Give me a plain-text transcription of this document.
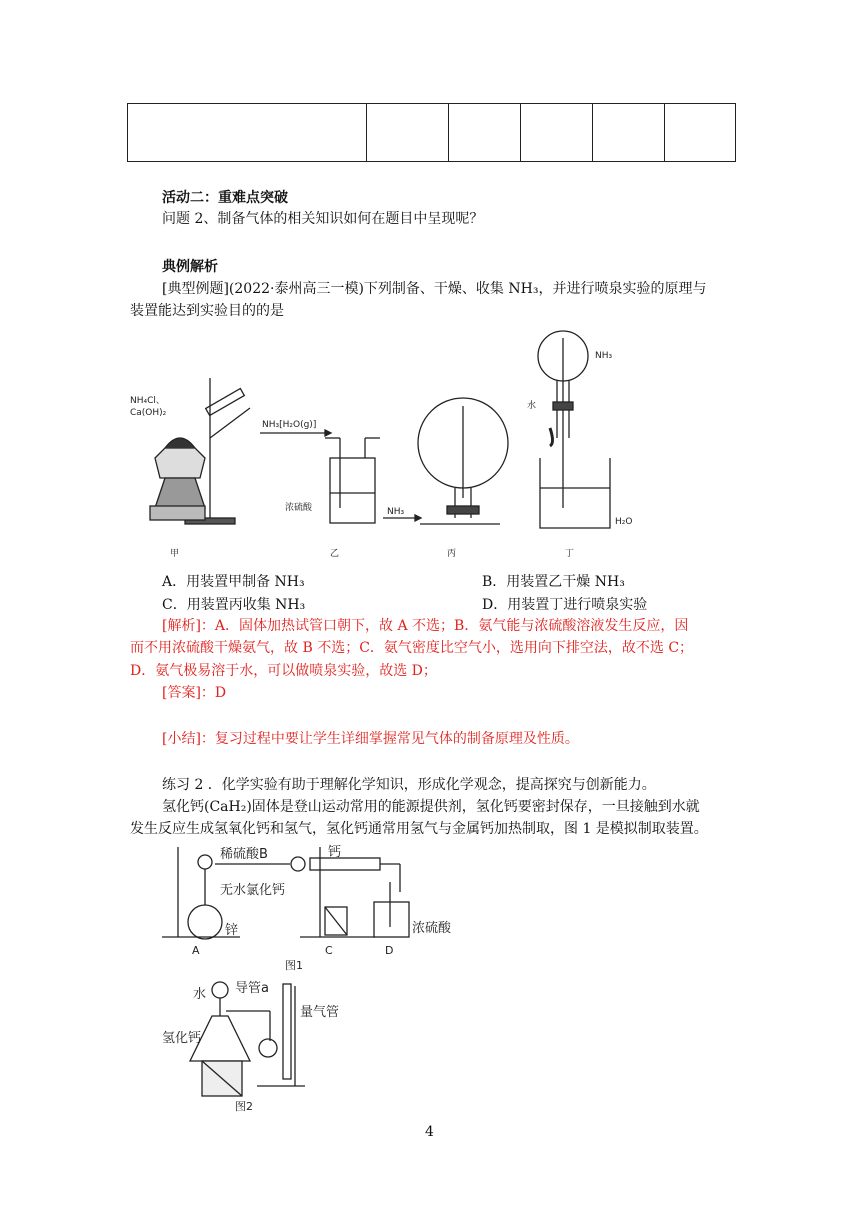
活动二：重难点突破
问题 2、制备气体的相关知识如何在题目中呈现呢？
典例解析
[典型例题](2022·泰州高三一模)下列制备、干燥、收集 NH₃，并进行喷泉实验的原理与
装置能达到实验目的的是
NH₄Cl、
Ca(OH)₂
NH₃[H₂O(g)]
浓硫酸	NH₃
NH₃
水
H₂O
甲	乙	丙	丁
A．用装置甲制备 NH₃	B．用装置乙干燥 NH₃
C．用装置丙收集 NH₃	D．用装置丁进行喷泉实验
[解析]：A．固体加热试管口朝下，故 A 不选；B．氨气能与浓硫酸溶液发生反应，因
而不用浓硫酸干燥氨气，故 B 不选；C．氨气密度比空气小，选用向下排空法，故不选 C；
D．氨气极易溶于水，可以做喷泉实验，故选 D；
[答案]：D
[小结]：复习过程中要让学生详细掌握常见气体的制备原理及性质。
练习 2 ．化学实验有助于理解化学知识，形成化学观念，提高探究与创新能力。
氢化钙(CaH₂)固体是登山运动常用的能源提供剂，氢化钙要密封保存，一旦接触到水就
发生反应生成氢氧化钙和氢气，氢化钙通常用氢气与金属钙加热制取，图 1 是模拟制取装置。
稀硫酸B	钙
无水氯化钙
锌	浓硫酸
A	C	D
图1
水 导管a
量气管
氢化钙
图2
4
